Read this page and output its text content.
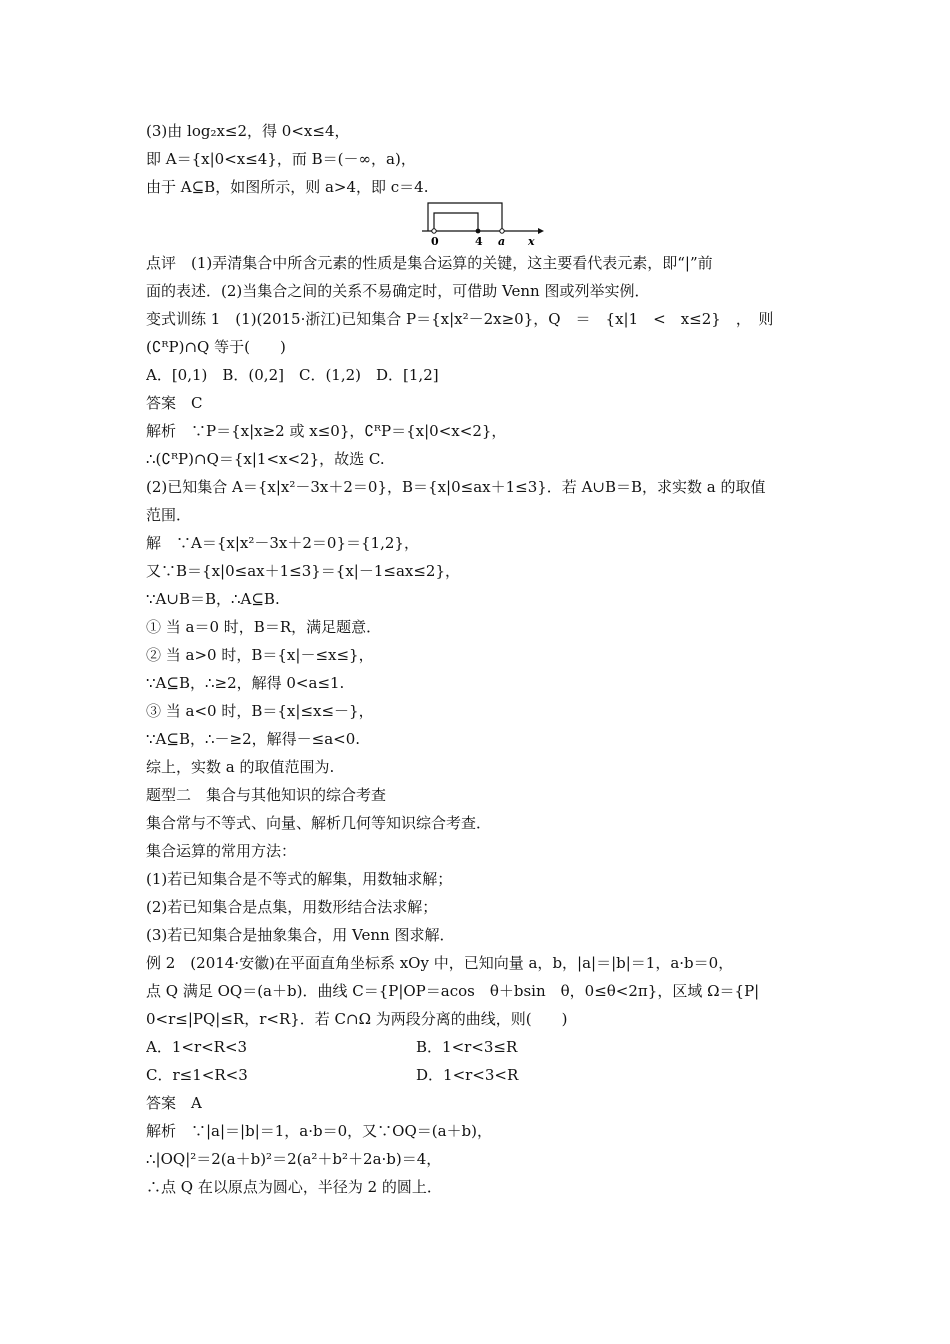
(3)由 log₂x≤2，得 0<x≤4，
即 A＝{x|0<x≤4}，而 B＝(－∞，a)，
由于 A⊆B，如图所示，则 a>4，即 c＝4.
0	4 a x
点评　(1)弄清集合中所含元素的性质是集合运算的关键，这主要看代表元素，即“|”前
面的表述．(2)当集合之间的关系不易确定时，可借助 Venn 图或列举实例．
变式训练 1　(1)(2015·浙江)已知集合 P＝{x|x²－2x≥0}，Q　＝　{x|1　<　x≤2}　，　则
(∁ᴿP)∩Q 等于(　　)
A．[0,1)　B．(0,2]　C．(1,2)　D．[1,2]
答案　C
解析　∵P＝{x|x≥2 或 x≤0}，∁ᴿP＝{x|0<x<2}，
∴(∁ᴿP)∩Q＝{x|1<x<2}，故选 C.
(2)已知集合 A＝{x|x²－3x＋2＝0}，B＝{x|0≤ax＋1≤3}．若 A∪B＝B，求实数 a 的取值
范围．
解　∵A＝{x|x²－3x＋2＝0}＝{1,2}，
又∵B＝{x|0≤ax＋1≤3}＝{x|－1≤ax≤2}，
∵A∪B＝B，∴A⊆B.
① 当 a＝0 时，B＝R，满足题意．
② 当 a>0 时，B＝{x|－≤x≤}，
∵A⊆B，∴≥2，解得 0<a≤1.
③ 当 a<0 时，B＝{x|≤x≤－}，
∵A⊆B，∴－≥2，解得－≤a<0.
综上，实数 a 的取值范围为.
题型二　集合与其他知识的综合考查
集合常与不等式、向量、解析几何等知识综合考查．
集合运算的常用方法：
(1)若已知集合是不等式的解集，用数轴求解；
(2)若已知集合是点集，用数形结合法求解；
(3)若已知集合是抽象集合，用 Venn 图求解．
例 2　(2014·安徽)在平面直角坐标系 xOy 中，已知向量 a，b，|a|＝|b|＝1，a·b＝0，
点 Q 满足 OQ＝(a＋b)．曲线 C＝{P|OP＝acos　θ＋bsin　θ，0≤θ<2π}，区域 Ω＝{P|
0<r≤|PQ|≤R，r<R}．若 C∩Ω 为两段分离的曲线，则(　　)
A．1<r<R<3	B．1<r<3≤R
C．r≤1<R<3	D．1<r<3<R
答案　A
解析　∵|a|＝|b|＝1，a·b＝0，又∵OQ＝(a＋b)，
∴|OQ|²＝2(a＋b)²＝2(a²＋b²＋2a·b)＝4，
∴点 Q 在以原点为圆心，半径为 2 的圆上．
